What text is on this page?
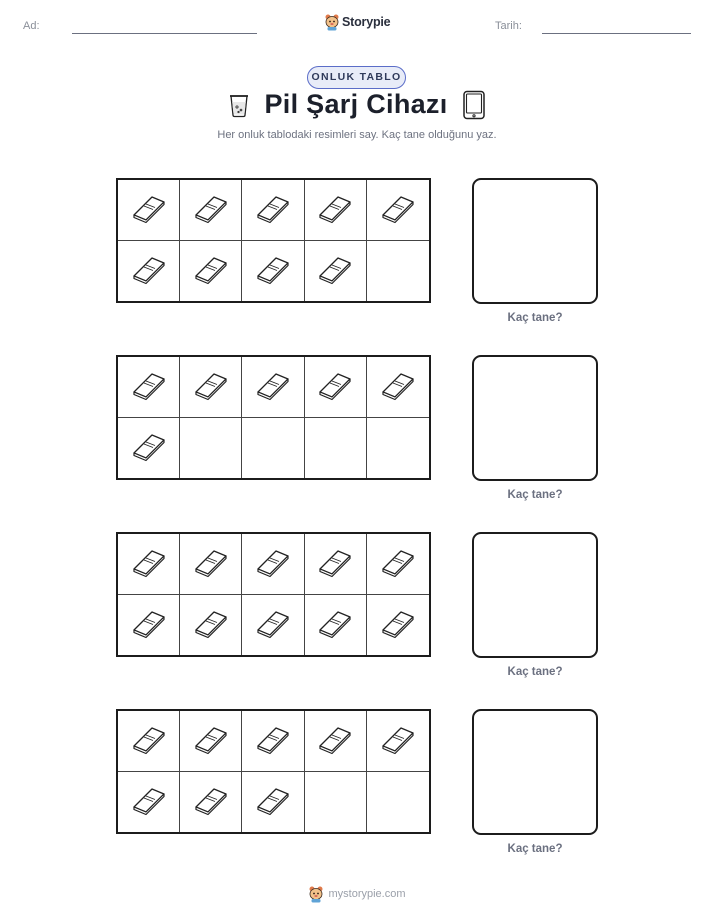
Ad:	Storypie	Tarih:
ONLUK TABLO
Pil Şarj Cihazı
Her onluk tablodaki resimleri say. Kaç tane olduğunu yaz.
Kaç tane?
Kaç tane?
Kaç tane?
Kaç tane?
mystorypie.com
